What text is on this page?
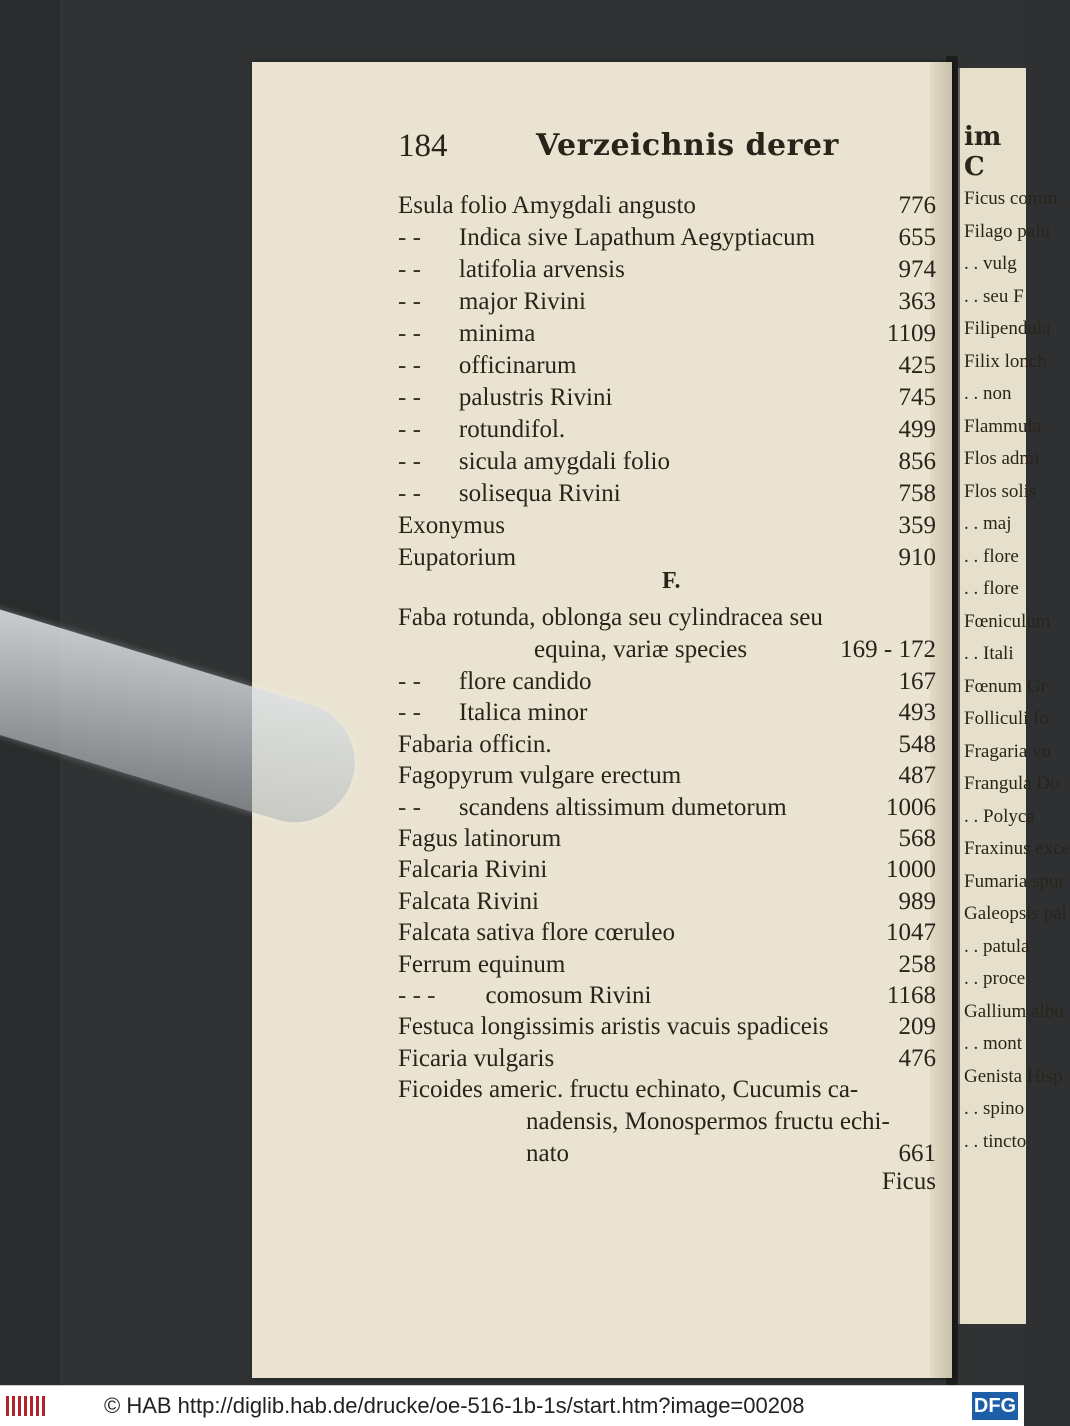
im C
Ficus comm
Filago palu
. . vulg
. . seu F
Filipendula
Filix lonch
. . non
Flammula
Flos admi
Flos solis
. . maj
. . flore
. . flore
Fœniculum
. . Itali
Fœnum Gr
Folliculi fo
Fragaria vu
Frangula Do
. . Polyca
Fraxinus exce
Fumaria spur
Galeopsis pal
. . patula
. . proce
Gallium albu
. . mont
Genista Hisp
. . spino
. . tincto
184	Verzeichnis derer
Esula folio Amygdali angusto	776
- - Indica sive Lapathum Aegyptiacum	655
- - latifolia arvensis	974
- - major Rivini	363
- - minima	1109
- - officinarum	425
- - palustris Rivini	745
- - rotundifol.	499
- - sicula amygdali folio	856
- - solisequa Rivini	758
Exonymus	359
Eupatorium	910
F.
Faba rotunda, oblonga seu cylindracea seu
equina, variæ species	169 - 172
- - flore candido	167
- - Italica minor	493
Fabaria officin.	548
Fagopyrum vulgare erectum	487
- - scandens altissimum dumetorum	1006
Fagus latinorum	568
Falcaria Rivini	1000
Falcata Rivini	989
Falcata sativa flore cœruleo	1047
Ferrum equinum	258
- - - comosum Rivini	1168
Festuca longissimis aristis vacuis spadiceis	209
Ficaria vulgaris	476
Ficoides americ. fructu echinato, Cucumis ca-
nadensis, Monospermos fructu echi-
nato	661
Ficus
© HAB http://diglib.hab.de/drucke/oe-516-1b-1s/start.htm?image=00208	DFG
